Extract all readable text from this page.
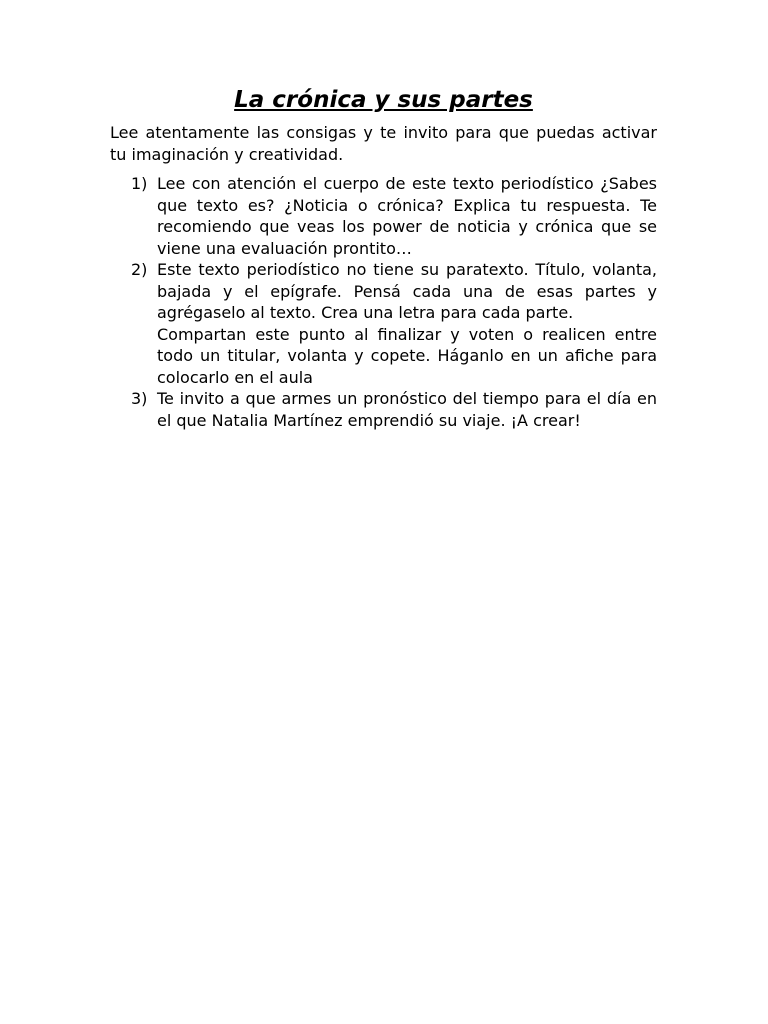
La crónica y sus partes

Lee atentamente las consigas y te invito para que puedas activar tu imaginación y creatividad.

1) Lee con atención el cuerpo de este texto periodístico ¿Sabes que texto es? ¿Noticia o crónica? Explica tu respuesta. Te recomiendo que veas los power de noticia y crónica que se viene una evaluación prontito…
2) Este texto periodístico no tiene su paratexto. Título, volanta, bajada y el epígrafe. Pensá cada una de esas partes y agrégaselo al texto. Crea una letra para cada parte.
Compartan este punto al finalizar y voten o realicen entre todo un titular, volanta y copete. Háganlo en un afiche para colocarlo en el aula
3) Te invito a que armes un pronóstico del tiempo para el día en el que Natalia Martínez emprendió su viaje. ¡A crear!
